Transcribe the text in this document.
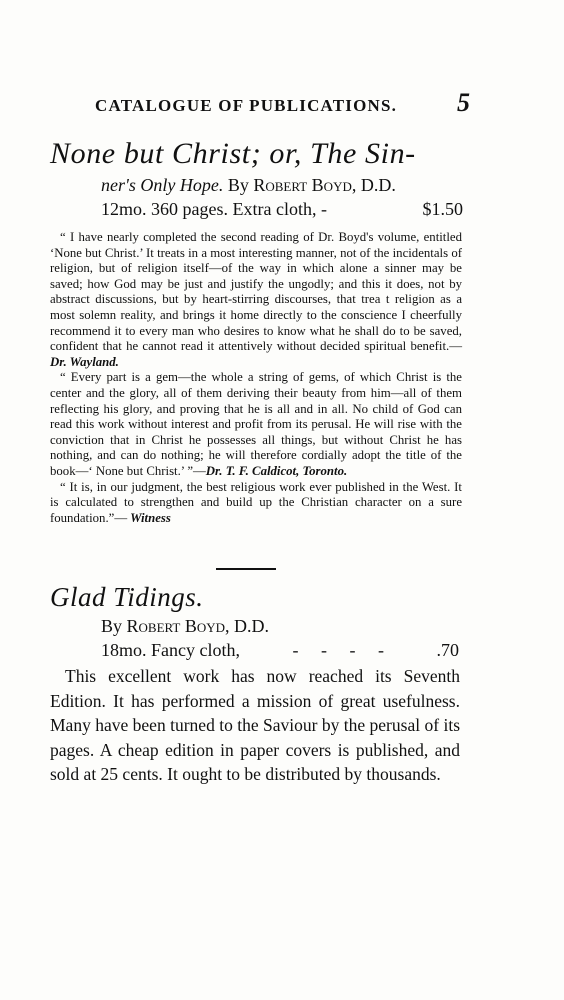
CATALOGUE OF PUBLICATIONS. 5
None but Christ; or, The Sin-
ner's Only Hope. By Robert Boyd, D.D.
12mo. 360 pages. Extra cloth, -	$1.50

“ I have nearly completed the second reading of Dr. Boyd's volume, entitled ‘None but Christ.’ It treats in a most interesting manner, not of the incidentals of religion, but of religion itself—of the way in which alone a sinner may be saved; how God may be just and justify the ungodly; and this it does, not by abstract discussions, but by heart-stirring discourses, that trea t religion as a most solemn reality, and brings it home directly to the conscience I cheerfully recommend it to every man who desires to know what he shall do to be saved, confident that he cannot read it attentively without decided spiritual benefit.—Dr. Wayland.

“ Every part is a gem—the whole a string of gems, of which Christ is the center and the glory, all of them deriving their beauty from him—all of them reflecting his glory, and proving that he is all and in all. No child of God can read this work without interest and profit from its perusal. He will rise with the conviction that in Christ he possesses all things, but without Christ he has nothing, and can do nothing; he will therefore cordially adopt the title of the book—‘ None but Christ.’ ”—Dr. T. F. Caldicot, Toronto.

“ It is, in our judgment, the best religious work ever published in the West. It is calculated to strengthen and build up the Christian character on a sure foundation.”— Witness

Glad Tidings.
By Robert Boyd, D.D.
18mo. Fancy cloth,	-     -     -     -	.70

This excellent work has now reached its Seventh Edition. It has performed a mission of great usefulness. Many have been turned to the Saviour by the perusal of its pages. A cheap edition in paper covers is published, and sold at 25 cents. It ought to be distributed by thousands.
